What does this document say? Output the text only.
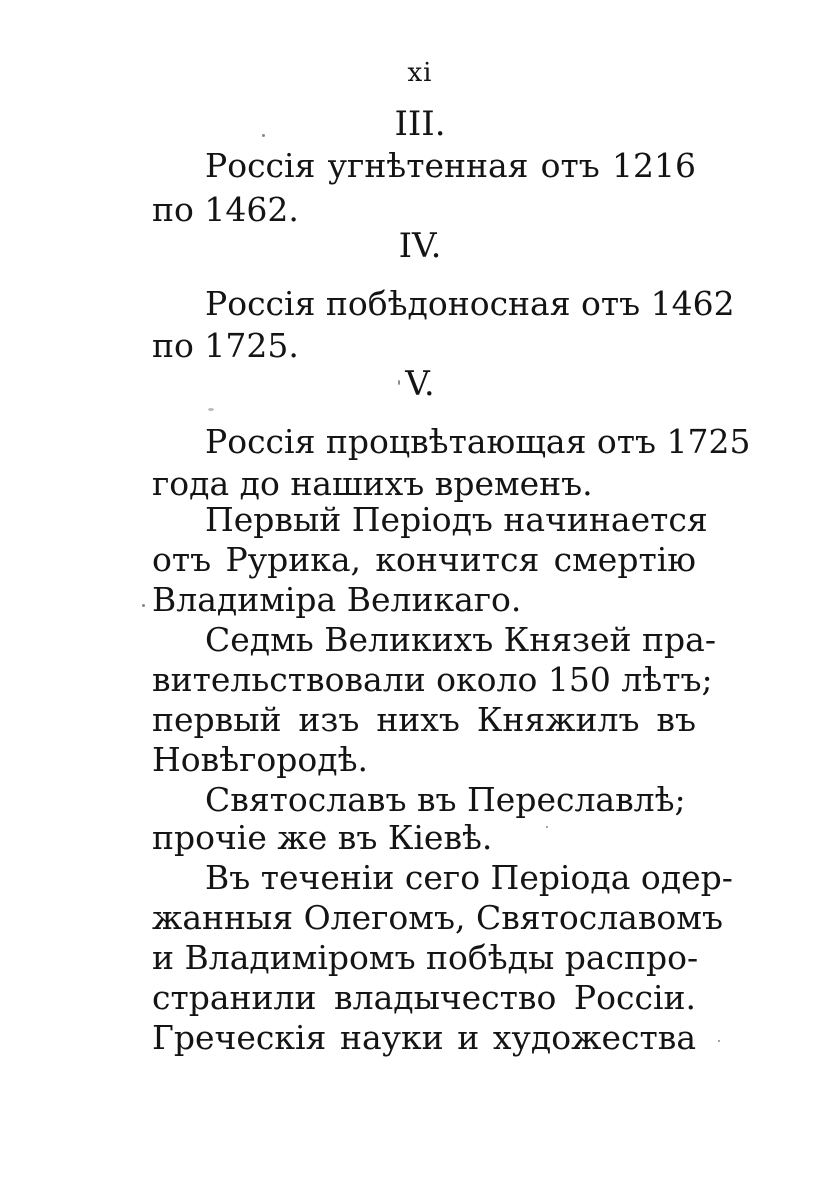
xi
III.
Россія угнѣтенная отъ 1216
по 1462.
IV.
Россія побѣдоносная отъ 1462
по 1725.
V.
Россія процвѣтающая отъ 1725
года до нашихъ временъ.
Первый Періодъ начинается
отъ Рурика, кончится смертію
Владиміра Великаго.
Седмь Великихъ Князей пра-
вительствовали около 150 лѣтъ;
первый изъ нихъ Княжилъ въ
Новѣгородѣ.
Святославъ въ Переславлѣ;
прочіе же въ Кіевѣ.
Въ теченіи сего Періода одер-
жанныя Олегомъ, Святославомъ
и Владиміромъ побѣды распро-
странили владычество Россіи.
Греческія науки и художества
